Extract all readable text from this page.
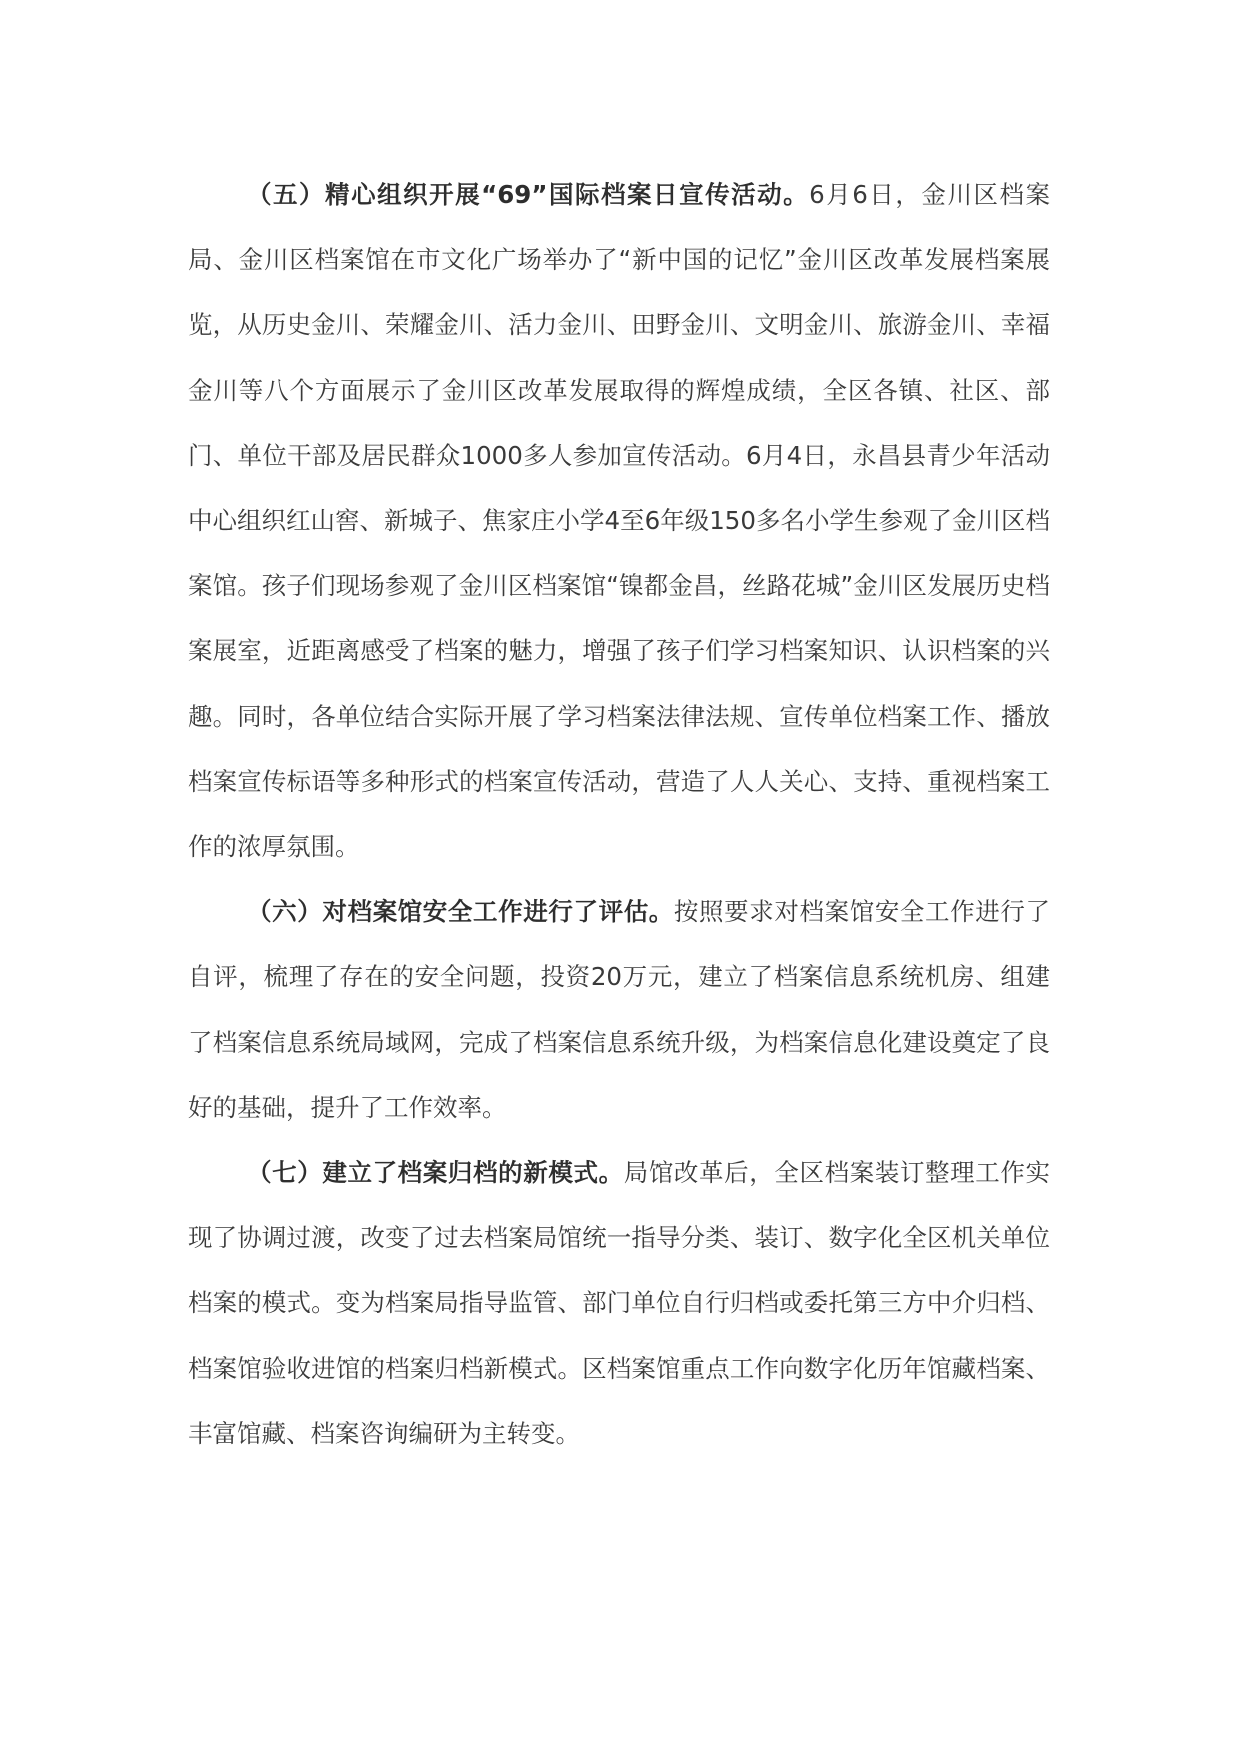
（五）精心组织开展“69”国际档案日宣传活动。6月6日，金川区档案局、金川区档案馆在市文化广场举办了“新中国的记忆”金川区改革发展档案展览，从历史金川、荣耀金川、活力金川、田野金川、文明金川、旅游金川、幸福金川等八个方面展示了金川区改革发展取得的辉煌成绩，全区各镇、社区、部门、单位干部及居民群众1000多人参加宣传活动。6月4日，永昌县青少年活动中心组织红山窖、新城子、焦家庄小学4至6年级150多名小学生参观了金川区档案馆。孩子们现场参观了金川区档案馆“镍都金昌，丝路花城”金川区发展历史档案展室，近距离感受了档案的魅力，增强了孩子们学习档案知识、认识档案的兴趣。同时，各单位结合实际开展了学习档案法律法规、宣传单位档案工作、播放档案宣传标语等多种形式的档案宣传活动，营造了人人关心、支持、重视档案工作的浓厚氛围。

（六）对档案馆安全工作进行了评估。按照要求对档案馆安全工作进行了自评，梳理了存在的安全问题，投资20万元，建立了档案信息系统机房、组建了档案信息系统局域网，完成了档案信息系统升级，为档案信息化建设奠定了良好的基础，提升了工作效率。

（七）建立了档案归档的新模式。局馆改革后，全区档案装订整理工作实现了协调过渡，改变了过去档案局馆统一指导分类、装订、数字化全区机关单位档案的模式。变为档案局指导监管、部门单位自行归档或委托第三方中介归档、档案馆验收进馆的档案归档新模式。区档案馆重点工作向数字化历年馆藏档案、丰富馆藏、档案咨询编研为主转变。
